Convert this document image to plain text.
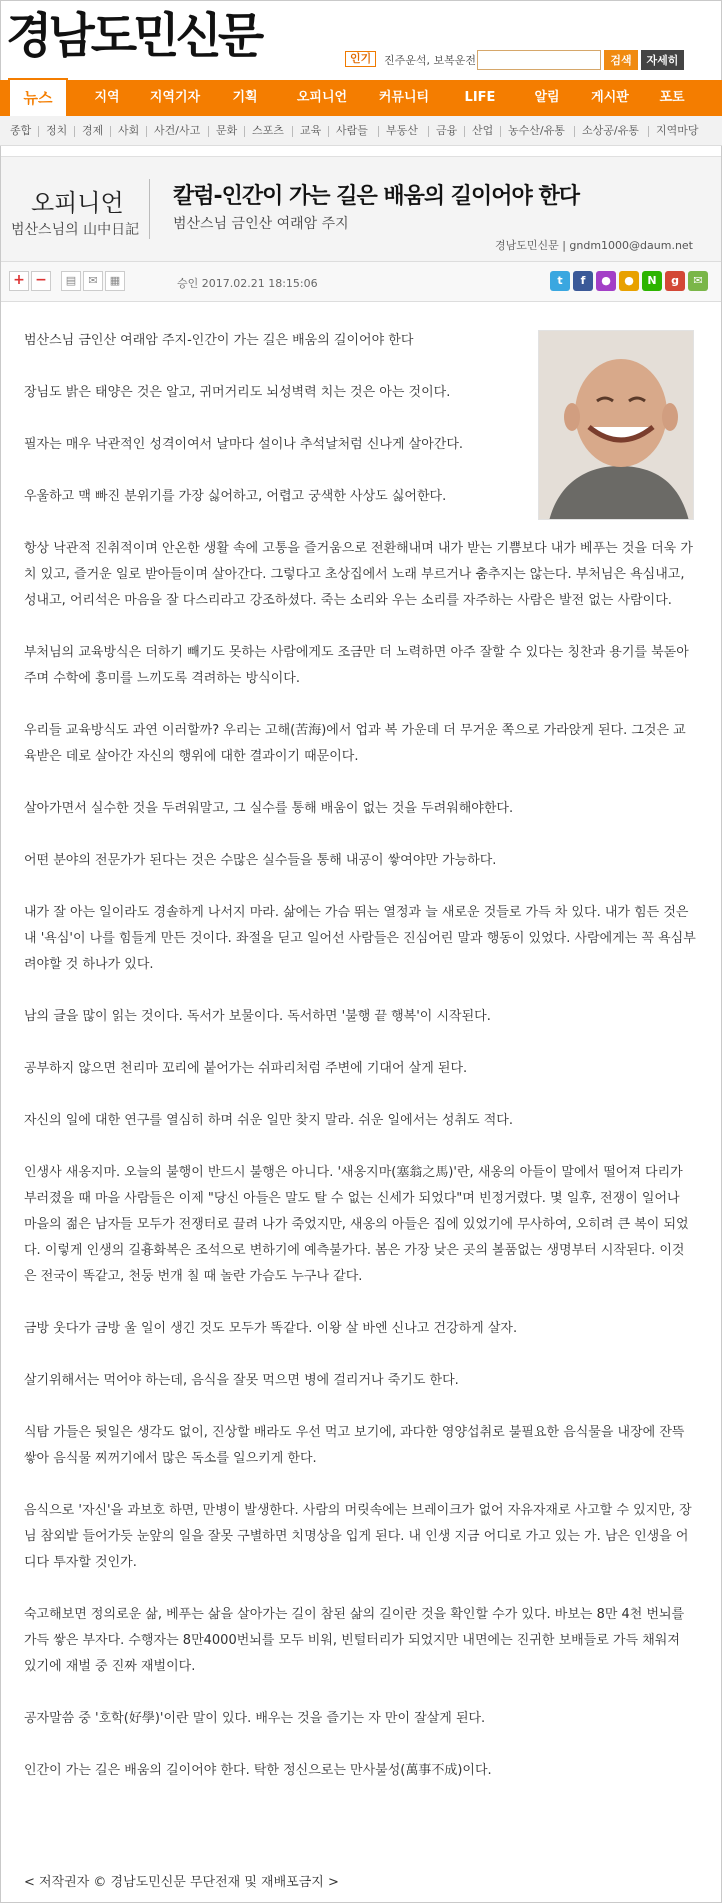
경남도민신문	인기	진주운석, 보복운전	검색	자세히
뉴스	지역	지역기자	기획	오피니언	커뮤니티	LIFE	알림	게시판	포토
종합 정치 경제 사회 사건/사고 문화 스포츠 교육 사람들 부동산 금융 산업 농수산/유통 소상공/유통 지역마당
오피니언
범산스님의 山中日記
칼럼-인간이 가는 길은 배움의 길이어야 한다
범산스님 금인산 여래암 주지
경남도민신문 | gndm1000@daum.net
+ −	▤	✉	▦	승인 2017.02.21 18:15:06	t	f	●	●	N	g	✉

범산스님 금인산 여래암 주지-인간이 가는 길은 배움의 길이어야 한다

장님도 밝은 태양은 것은 알고, 귀머거리도 뇌성벽력 치는 것은 아는 것이다.

필자는 매우 낙관적인 성격이여서 날마다 설이나 추석날처럼 신나게 살아간다.

우울하고 맥 빠진 분위기를 가장 싫어하고, 어렵고 궁색한 사상도 싫어한다.

항상 낙관적 진취적이며 안온한 생활 속에 고통을 즐거움으로 전환해내며 내가 받는 기쁨보다 내가 베푸는 것을 더욱 가치 있고, 즐거운 일로 받아들이며 살아간다. 그렇다고 초상집에서 노래 부르거나 춤추지는 않는다. 부처님은 욕심내고, 성내고, 어리석은 마음을 잘 다스리라고 강조하셨다. 죽는 소리와 우는 소리를 자주하는 사람은 발전 없는 사람이다.

부처님의 교육방식은 더하기 빼기도 못하는 사람에게도 조금만 더 노력하면 아주 잘할 수 있다는 칭찬과 용기를 북돋아주며 수학에 흥미를 느끼도록 격려하는 방식이다.

우리들 교육방식도 과연 이러할까? 우리는 고해(苦海)에서 업과 복 가운데 더 무거운 쪽으로 가라앉게 된다. 그것은 교육받은 데로 살아간 자신의 행위에 대한 결과이기 때문이다.

살아가면서 실수한 것을 두려워말고, 그 실수를 통해 배움이 없는 것을 두려워해야한다.

어떤 분야의 전문가가 된다는 것은 수많은 실수들을 통해 내공이 쌓여야만 가능하다.

내가 잘 아는 일이라도 경솔하게 나서지 마라. 삶에는 가슴 뛰는 열정과 늘 새로운 것들로 가득 차 있다. 내가 힘든 것은 내 '욕심'이 나를 힘들게 만든 것이다. 좌절을 딛고 일어선 사람들은 진심어린 말과 행동이 있었다. 사람에게는 꼭 욕심부려야할 것 하나가 있다.

남의 글을 많이 읽는 것이다. 독서가 보물이다. 독서하면 '불행 끝 행복'이 시작된다.

공부하지 않으면 천리마 꼬리에 붙어가는 쉬파리처럼 주변에 기대어 살게 된다.

자신의 일에 대한 연구를 열심히 하며 쉬운 일만 찾지 말라. 쉬운 일에서는 성취도 적다.

인생사 새옹지마. 오늘의 불행이 반드시 불행은 아니다. '새옹지마(塞翁之馬)'란, 새옹의 아들이 말에서 떨어져 다리가 부러졌을 때 마을 사람들은 이제 "당신 아들은 말도 탈 수 없는 신세가 되었다"며 빈정거렸다. 몇 일후, 전쟁이 일어나 마을의 젊은 남자들 모두가 전쟁터로 끌려 나가 죽었지만, 새옹의 아들은 집에 있었기에 무사하여, 오히려 큰 복이 되었다. 이렇게 인생의 길흉화복은 조석으로 변하기에 예측불가다. 봄은 가장 낮은 곳의 볼품없는 생명부터 시작된다. 이것은 전국이 똑같고, 천둥 번개 칠 때 놀란 가슴도 누구나 같다.

금방 웃다가 금방 울 일이 생긴 것도 모두가 똑같다. 이왕 살 바엔 신나고 건강하게 살자.

살기위해서는 먹어야 하는데, 음식을 잘못 먹으면 병에 걸리거나 죽기도 한다.

식탐 가들은 뒷일은 생각도 없이, 진상할 배라도 우선 먹고 보기에, 과다한 영양섭취로 불필요한 음식물을 내장에 잔뜩 쌓아 음식물 찌꺼기에서 많은 독소를 일으키게 한다.

음식으로 '자신'을 과보호 하면, 만병이 발생한다. 사람의 머릿속에는 브레이크가 없어 자유자재로 사고할 수 있지만, 장님 참외밭 들어가듯 눈앞의 일을 잘못 구별하면 치명상을 입게 된다. 내 인생 지금 어디로 가고 있는 가. 남은 인생을 어디다 투자할 것인가.

숙고해보면 정의로운 삶, 베푸는 삶을 살아가는 길이 참된 삶의 길이란 것을 확인할 수가 있다. 바보는 8만 4천 번뇌를 가득 쌓은 부자다. 수행자는 8만4000번뇌를 모두 비워, 빈털터리가 되었지만 내면에는 진귀한 보배들로 가득 채워져 있기에 재벌 중 진짜 재벌이다.

공자말씀 중 '호학(好學)'이란 말이 있다. 배우는 것을 즐기는 자 만이 잘살게 된다.

인간이 가는 길은 배움의 길이어야 한다. 탁한 정신으로는 만사불성(萬事不成)이다.

< 저작권자 © 경남도민신문 무단전재 및 재배포금지 >
